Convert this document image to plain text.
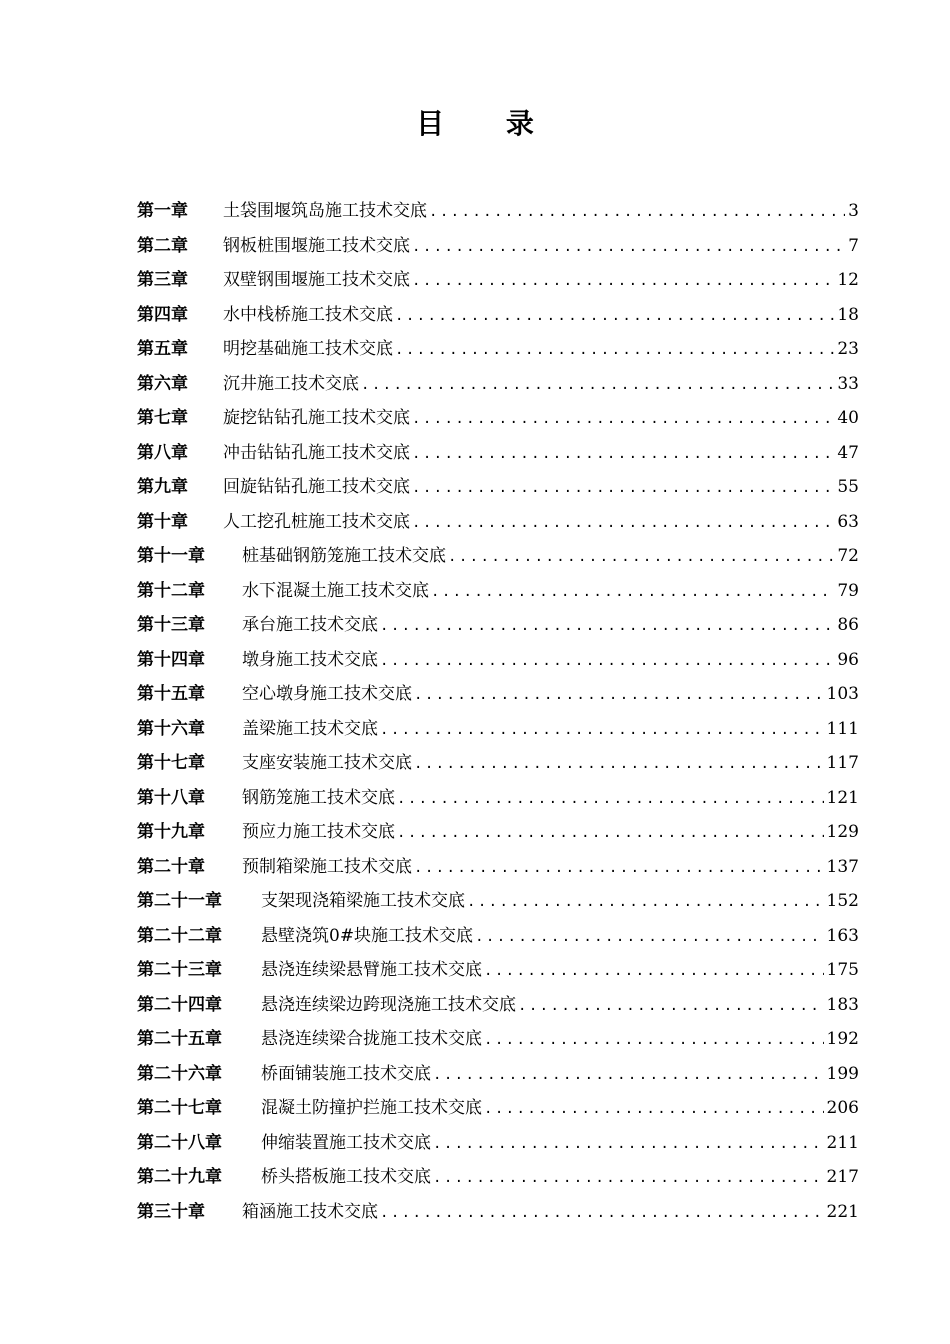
目 录
第一章	土袋围堰筑岛施工技术交底 .....	3
第二章	钢板桩围堰施工技术交底 .....	7
第三章	双壁钢围堰施工技术交底 .....	12
第四章	水中栈桥施工技术交底 .....	18
第五章	明挖基础施工技术交底 .....	23
第六章	沉井施工技术交底 .....	33
第七章	旋挖钻钻孔施工技术交底 .....	40
第八章	冲击钻钻孔施工技术交底 .....	47
第九章	回旋钻钻孔施工技术交底 .....	55
第十章	人工挖孔桩施工技术交底 .....	63
第十一章	桩基础钢筋笼施工技术交底 .....	72
第十二章	水下混凝土施工技术交底 .....	79
第十三章	承台施工技术交底 .....	86
第十四章	墩身施工技术交底 .....	96
第十五章	空心墩身施工技术交底 .....	103
第十六章	盖梁施工技术交底 .....	111
第十七章	支座安装施工技术交底 .....	117
第十八章	钢筋笼施工技术交底 .....	121
第十九章	预应力施工技术交底 .....	129
第二十章	预制箱梁施工技术交底 .....	137
第二十一章	支架现浇箱梁施工技术交底 .....	152
第二十二章	悬壁浇筑0#块施工技术交底 .....	163
第二十三章	悬浇连续梁悬臂施工技术交底 .....	175
第二十四章	悬浇连续梁边跨现浇施工技术交底 .....	183
第二十五章	悬浇连续梁合拢施工技术交底 .....	192
第二十六章	桥面铺装施工技术交底 .....	199
第二十七章	混凝土防撞护拦施工技术交底 .....	206
第二十八章	伸缩装置施工技术交底 .....	211
第二十九章	桥头搭板施工技术交底 .....	217
第三十章	箱涵施工技术交底 .....	221
